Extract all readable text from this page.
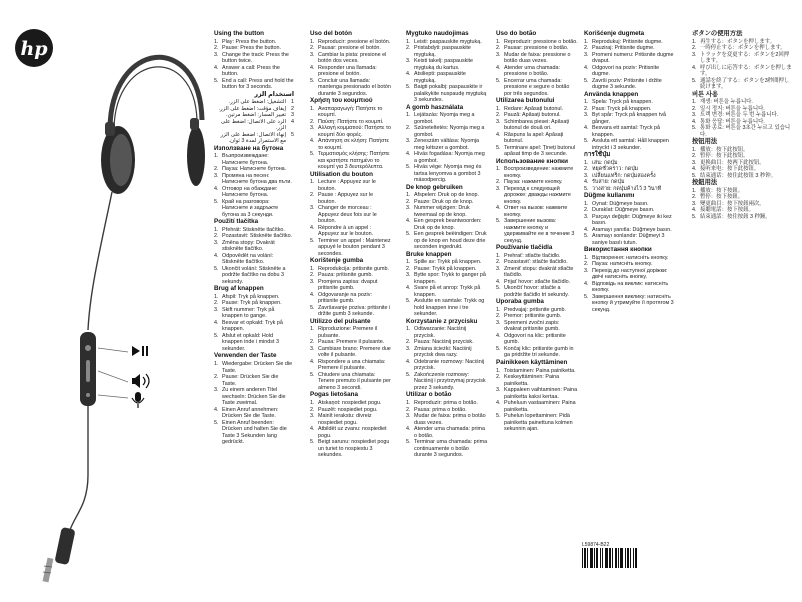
hp
Using the button
1. Play: Press the button.
2. Pause: Press the button.
3. Change the track: Press the button twice.
4. Answer a call: Press the button.
5. End a call: Press and hold the button for 3 seconds.
استخدام الزر
1
التشغيل: اضغط على الزر.
2
إيقاف مؤقت: اضغط على الزر.
3
تغيير المسار: اضغط مرتين.
4
الرد على الاتصال: اضغط على الزر.
5
إنهاء الاتصال: اضغط على الزر مع الاستمرار لمدة 3 ثوان.
Използване на бутона
1. Възпроизвеждане: Натиснете бутона.
2. Пауза: Натиснете бутона.
3. Промяна на песен: Натиснете бутона два пъти.
4. Отговор на обаждане: Натиснете бутона.
5. Край на разговора: Натиснете и задръжте бутона за 3 секунди.
Použití tlačítka
1. Přehrát: Stiskněte tlačítko.
2. Pozastavit: Stiskněte tlačítko.
3. Změna stopy: Dvakrát stiskněte tlačítko.
4. Odpovědět na volání: Stiskněte tlačítko.
5. Ukončit volání: Stiskněte a podržte tlačítko na dobu 3 sekundy.
Brug af knappen
1. Afspil: Tryk på knappen.
2. Pause: Tryk på knappen.
3. Skift nummer: Tryk på knappen to gange.
4. Besvar et opkald: Tryk på knappen.
5. Afslut et opkald: Hold knappen inde i mindst 3 sekunder.
Verwenden der Taste
1. Wiedergabe: Drücken Sie die Taste.
2. Pause: Drücken Sie die Taste.
3. Zu einem anderen Titel wechseln: Drücken Sie die Taste zweimal.
4. Einen Anruf annehmen: Drücken Sie die Taste.
5. Einen Anruf beenden: Drücken und halten Sie die Taste 3 Sekunden lang gedrückt.
Uso del botón
1. Reproducir: presione el botón.
2. Pausar: presione el botón.
3. Cambiar la pista: presione el botón dos veces.
4. Responder una llamada: presione el botón.
5. Concluir una llamada: mantenga presionado el botón durante 3 segundos.
Χρήση του κουμπιού
1. Αναπαραγωγή: Πατήστε το κουμπί.
2. Παύση: Πατήστε το κουμπί.
3. Αλλαγή κομματιού: Πατήστε το κουμπί δύο φορές.
4. Απάντηση σε κλήση: Πατήστε το κουμπί.
5. Τερματισμός κλήσης: Πατήστε και κρατήστε πατημένο το κουμπί για 3 δευτερόλεπτα.
Utilisation du bouton
1. Lecture : Appuyez sur le bouton.
2. Pause : Appuyez sur le bouton.
3. Changer de morceau : Appuyez deux fois sur le bouton.
4. Répondre à un appel : Appuyez sur le bouton.
5. Terminer un appel : Maintenez appuyé le bouton pendant 3 secondes.
Korištenje gumba
1. Reprodukcija: pritisnite gumb.
2. Pauza: pritisnite gumb.
3. Promjena zapisa: dvaput pritisnite gumb.
4. Odgovaranje na poziv: pritisnite gumb.
5. Završavanje poziva: pritisnite i držite gumb 3 sekunde.
Utilizzo del pulsante
1. Riproduzione: Premere il pulsante.
2. Pausa: Premere il pulsante.
3. Cambiare brano: Premere due volte il pulsante.
4. Rispondere a una chiamata: Premere il pulsante.
5. Chiudere una chiamata: Tenere premuto il pulsante per almeno 3 secondi.
Pogas lietošana
1. Atskaņot: nospiediet pogu.
2. Pauzēt: nospiediet pogu.
3. Mainīt ierakstu: divreiz nospiediet pogu.
4. Atbildēt uz zvanu: nospiediet pogu.
5. Beigt sarunu: nospiediet pogu un turiet to nospiestu 3 sekundes.
Mygtuko naudojimas
1. Leisti: paspauskite mygtuką.
2. Pristabdyti: paspauskite mygtuką.
3. Keisti takelį: paspauskite mygtuką du kartus.
4. Atsiliepti: paspauskite mygtuką.
5. Baigti pokalbį: paspauskite ir palaikykite nuspaudę mygtuką 3 sekundes.
A gomb használata
1. Lejátszás: Nyomja meg a gombot.
2. Szüneteltetés: Nyomja meg a gombot.
3. Zeneszám váltása: Nyomja meg kétszer a gombot.
4. Hívás fogadása: Nyomja meg a gombot.
5. Hívás vége: Nyomja meg és tartsa lenyomva a gombot 3 másodpercig.
De knop gebruiken
1. Afspelen: Druk op de knop.
2. Pauze: Druk op de knop.
3. Nummer wijzigen: Druk tweemaal op de knop.
4. Een gesprek beantwoorden: Druk op de knop.
5. Een gesprek beëindigen: Druk op de knop en houd deze drie seconden ingedrukt.
Bruke knappen
1. Spille av: Trykk på knappen.
2. Pause: Trykk på knappen.
3. Bytte spor: Trykk to ganger på knappen.
4. Svare på et anrop: Trykk på knappen.
5. Avslutte en samtale: Trykk og hold knappen inne i tre sekunder.
Korzystanie z przycisku
1. Odtwarzanie: Naciśnij przycisk.
2. Pauza: Naciśnij przycisk.
3. Zmiana ścieżki: Naciśnij przycisk dwa razy.
4. Odebranie rozmowy: Naciśnij przycisk.
5. Zakończenie rozmowy: Naciśnij i przytrzymaj przycisk przez 3 sekundy.
Utilizar o botão
1. Reproduzir: prima o botão.
2. Pausa: prima o botão.
3. Mudar de faixa: prima o botão duas vezes.
4. Atender uma chamada: prima o botão.
5. Terminar uma chamada: prima continuamente o botão durante 3 segundos.
Uso do botão
1. Reproduzir: pressione o botão.
2. Pausar: pressione o botão.
3. Mudar de faixa: pressione o botão duas vezes.
4. Atender uma chamada: pressione o botão.
5. Encerrar uma chamada: pressione e segure o botão por três segundos.
Utilizarea butonului
1. Redare: Apăsați butonul.
2. Pauză: Apăsați butonul.
3. Schimbarea piesei: Apăsați butonul de două ori.
4. Răspuns la apel: Apăsați butonul.
5. Terminare apel: Țineți butonul apăsat timp de 3 secunde.
Использование кнопки
1. Воспроизведение: нажмите кнопку.
2. Пауза: нажмите кнопку.
3. Переход к следующей дорожке: дважды нажмите кнопку.
4. Ответ на вызов: нажмите кнопку.
5. Завершение вызова: нажмите кнопку и удерживайте ее в течение 3 секунд.
Používanie tlačidla
1. Prehrať: stlačte tlačidlo.
2. Pozastaviť: stlačte tlačidlo.
3. Zmeniť stopu: dvakrát stlačte tlačidlo.
4. Prijať hovor: stlačte tlačidlo.
5. Ukončiť hovor: stlačte a podržte tlačidlo tri sekundy.
Uporaba gumba
1. Predvajaj: pritisnite gumb.
2. Premor: pritisnite gumb.
3. Spremeni zvočni zapis: dvakrat pritisnite gumb.
4. Odgovori na klic: pritisnite gumb.
5. Končaj klic: pritisnite gumb in ga pridržite tri sekunde.
Painikkeen käyttäminen
1. Toistaminen: Paina painiketta.
2. Keskeyttäminen: Paina painiketta.
3. Kappaleen vaihtaminen: Paina painiketta kaksi kertaa.
4. Puheluun vastaaminen: Paina painiketta.
5. Puhelun lopettaminen: Pidä painiketta painettuna kolmen sekunnin ajan.
Korišćenje dugmeta
1. Reprodukuj: Pritisnite dugme.
2. Pauziraj: Pritisnite dugme.
3. Promeni numeru: Pritisnite dugme dvaput.
4. Odgovori na poziv: Pritisnite dugme.
5. Završi poziv: Pritisnite i držite dugme 3 sekunde.
Använda knappen
1. Spela: Tryck på knappen.
2. Paus: Tryck på knappen.
3. Byt spår: Tryck på knappen två gånger.
4. Besvara ett samtal: Tryck på knappen.
5. Avsluta ett samtal: Håll knappen intryckt i 3 sekunder.
การใช้ปุ่ม
1. เล่น: กดปุ่ม
2. หยุดชั่วคราว: กดปุ่ม
3. เปลี่ยนแทร็ก: กดปุ่มสองครั้ง
4. รับสาย: กดปุ่ม
5. วางสาย: กดปุ่มค้างไว้ 3 วินาที
Düğme kullanımı
1. Oynat: Düğmeye basın.
2. Duraklat: Düğmeye basın.
3. Parçayı değiştir: Düğmeye iki kez basın.
4. Aramayı yanıtla: Düğmeye basın.
5. Aramayı sonlandır: Düğmeyi 3 saniye basılı tutun.
Використання кнопки
1. Відтворення: натисніть кнопку.
2. Пауза: натисніть кнопку.
3. Перехід до наступної доріжки: двічі натисніть кнопку.
4. Відповідь на виклик: натисніть кнопку.
5. Завершення виклику: натисніть кнопку й утримуйте її протягом 3 секунд.
ボタンの使用方法
1. 再生する：ボタンを押します。
2. 一時停止する：ボタンを押します。
3. トラックを変更する：ボタンを2回押します。
4. 呼び出しに応答する：ボタンを押します。
5. 通話を終了する：ボタンを3秒間押し続けます。
버튼 사용
1. 재생: 버튼을 누릅니다.
2. 일시 정지: 버튼을 누릅니다.
3. 트랙 변경: 버튼을 두 번 누릅니다.
4. 통화 응답: 버튼을 누릅니다.
5. 통화 종료: 버튼을 3초간 누르고 있습니다.
按钮用法
1. 播放：按下此按钮。
2. 暂停：按下此按钮。
3. 更换曲目：按两下此按钮。
4. 接听来电：按下此按钮。
5. 结束通话：按住此按钮 3 秒钟。
按鈕用法
1. 播放：按下按鈕。
2. 暫停：按下按鈕。
3. 變更曲目：按下按鈕兩次。
4. 接聽電話：按下按鈕。
5. 結束通話：按住按鈕 3 秒鐘。
L59874-B22
